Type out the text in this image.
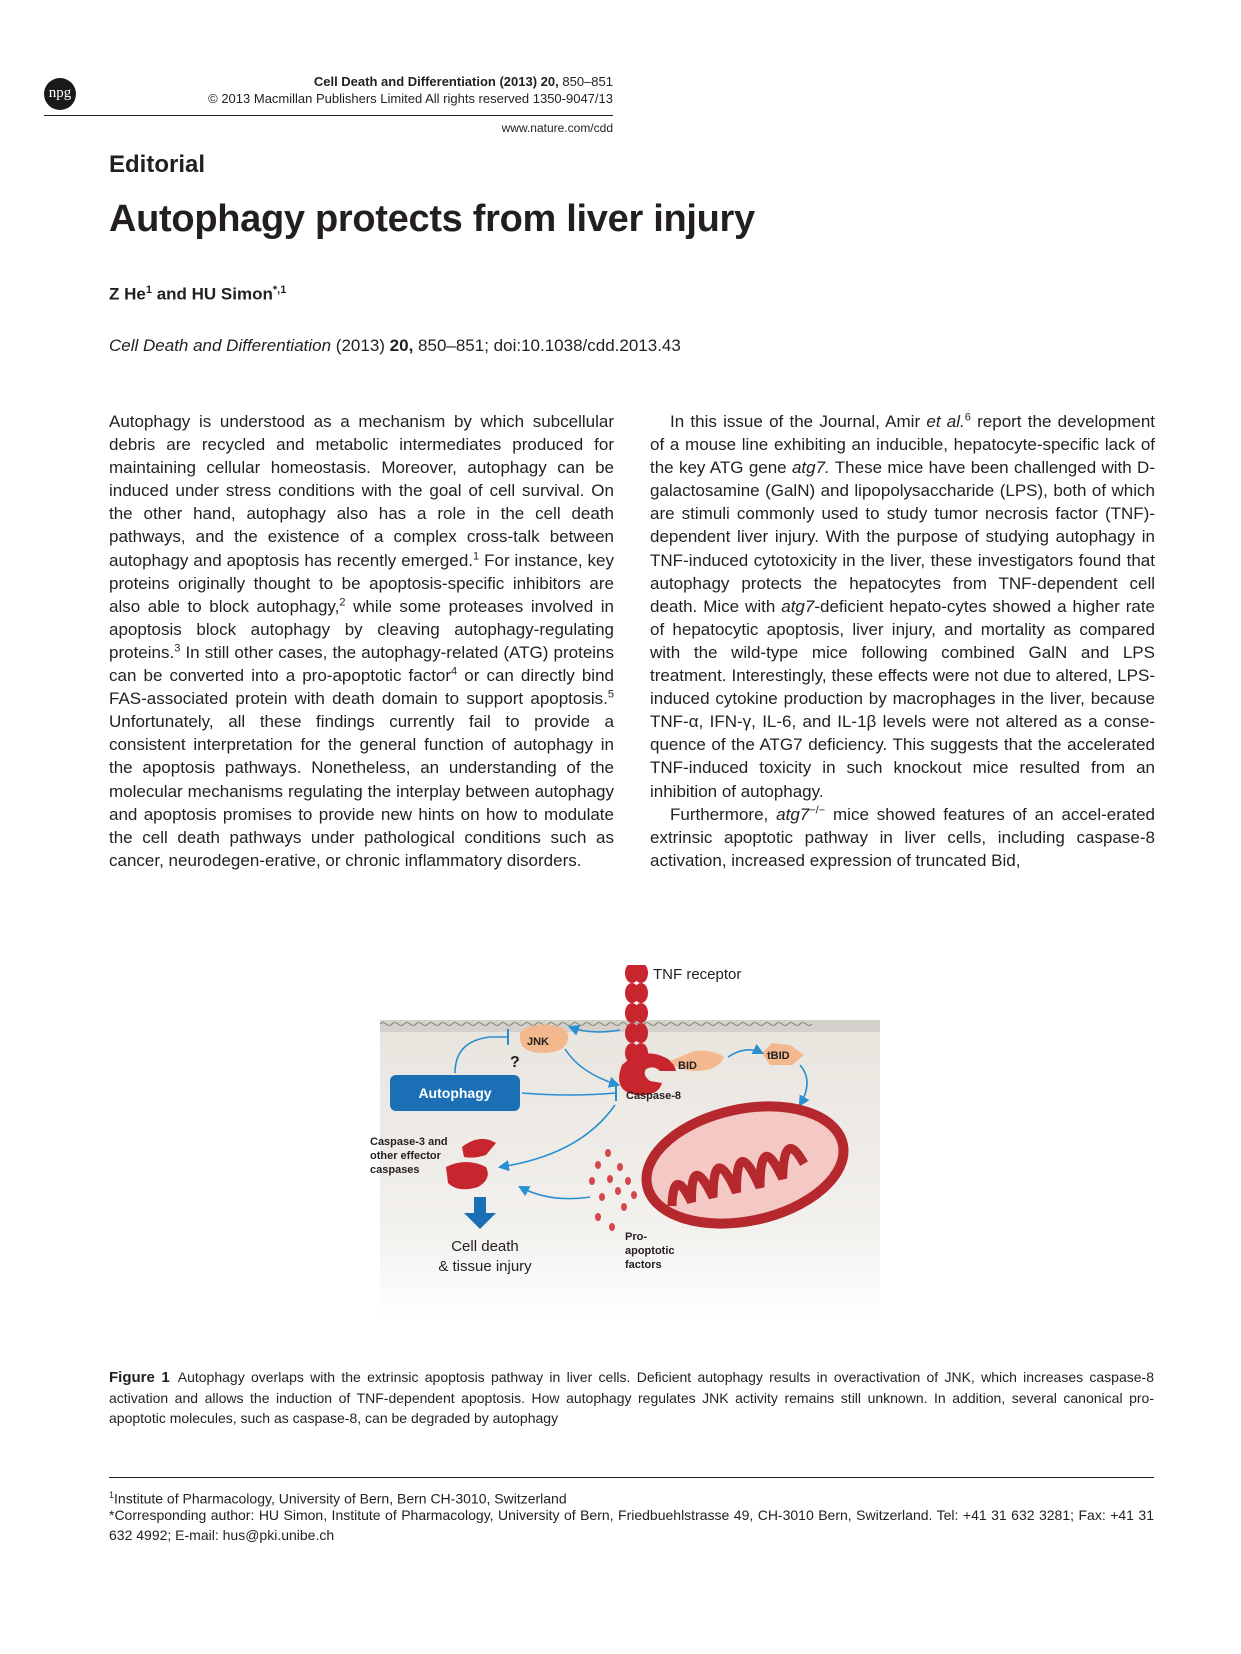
npg
Cell Death and Differentiation (2013) 20, 850–851
© 2013 Macmillan Publishers Limited All rights reserved 1350-9047/13
www.nature.com/cdd
Editorial
Autophagy protects from liver injury
Z He$^1$ and HU Simon$^{*,1}$
Cell Death and Differentiation (2013) 20, 850–851; doi:10.1038/cdd.2013.43

Autophagy is understood as a mechanism by which subcellular debris are recycled and metabolic intermediates produced for maintaining cellular homeostasis. Moreover, autophagy can be induced under stress conditions with the goal of cell survival. On the other hand, autophagy also has a role in the cell death pathways, and the existence of a complex cross-talk between autophagy and apoptosis has recently emerged.$^1$ For instance, key proteins originally thought to be apoptosis-specific inhibitors are also able to block autophagy,$^2$ while some proteases involved in apoptosis block autophagy by cleaving autophagy-regulating proteins.$^3$ In still other cases, the autophagy-related (ATG) proteins can be converted into a pro-apoptotic factor$^4$ or can directly bind FAS-associated protein with death domain to support apoptosis.$^5$ Unfortunately, all these findings currently fail to provide a consistent interpretation for the general function of autophagy in the apoptosis pathways. Nonetheless, an understanding of the molecular mechanisms regulating the interplay between autophagy and apoptosis promises to provide new hints on how to modulate the cell death pathways under pathological conditions such as cancer, neurodegen-erative, or chronic inflammatory disorders.

In this issue of the Journal, Amir et al.$^6$ report the development of a mouse line exhibiting an inducible, hepatocyte-specific lack of the key ATG gene atg7. These mice have been challenged with D-galactosamine (GalN) and lipopolysaccharide (LPS), both of which are stimuli commonly used to study tumor necrosis factor (TNF)-dependent liver injury. With the purpose of studying autophagy in TNF-induced cytotoxicity in the liver, these investigators found that autophagy protects the hepatocytes from TNF-dependent cell death. Mice with atg7-deficient hepato-cytes showed a higher rate of hepatocytic apoptosis, liver injury, and mortality as compared with the wild-type mice following combined GalN and LPS treatment. Interestingly, these effects were not due to altered, LPS-induced cytokine production by macrophages in the liver, because TNF-α, IFN-γ, IL-6, and IL-1β levels were not altered as a conse-quence of the ATG7 deficiency. This suggests that the accelerated TNF-induced toxicity in such knockout mice resulted from an inhibition of autophagy.

Furthermore, atg7−/− mice showed features of an accel-erated extrinsic apoptotic pathway in liver cells, including caspase-8 activation, increased expression of truncated Bid,

TNF receptor
JNK
?
Caspase-8
BID
tBID
Autophagy
Caspase-3 and
other effector
caspases
Cell death
& tissue injury
Pro-
apoptotic
factors
Figure 1 Autophagy overlaps with the extrinsic apoptosis pathway in liver cells. Deficient autophagy results in overactivation of JNK, which increases caspase-8 activation and allows the induction of TNF-dependent apoptosis. How autophagy regulates JNK activity remains still unknown. In addition, several canonical pro-apoptotic molecules, such as caspase-8, can be degraded by autophagy
$^1$Institute of Pharmacology, University of Bern, Bern CH-3010, Switzerland
*Corresponding author: HU Simon, Institute of Pharmacology, University of Bern, Friedbuehlstrasse 49, CH-3010 Bern, Switzerland. Tel: +41 31 632 3281; Fax: +41 31 632 4992; E-mail: hus@pki.unibe.ch
